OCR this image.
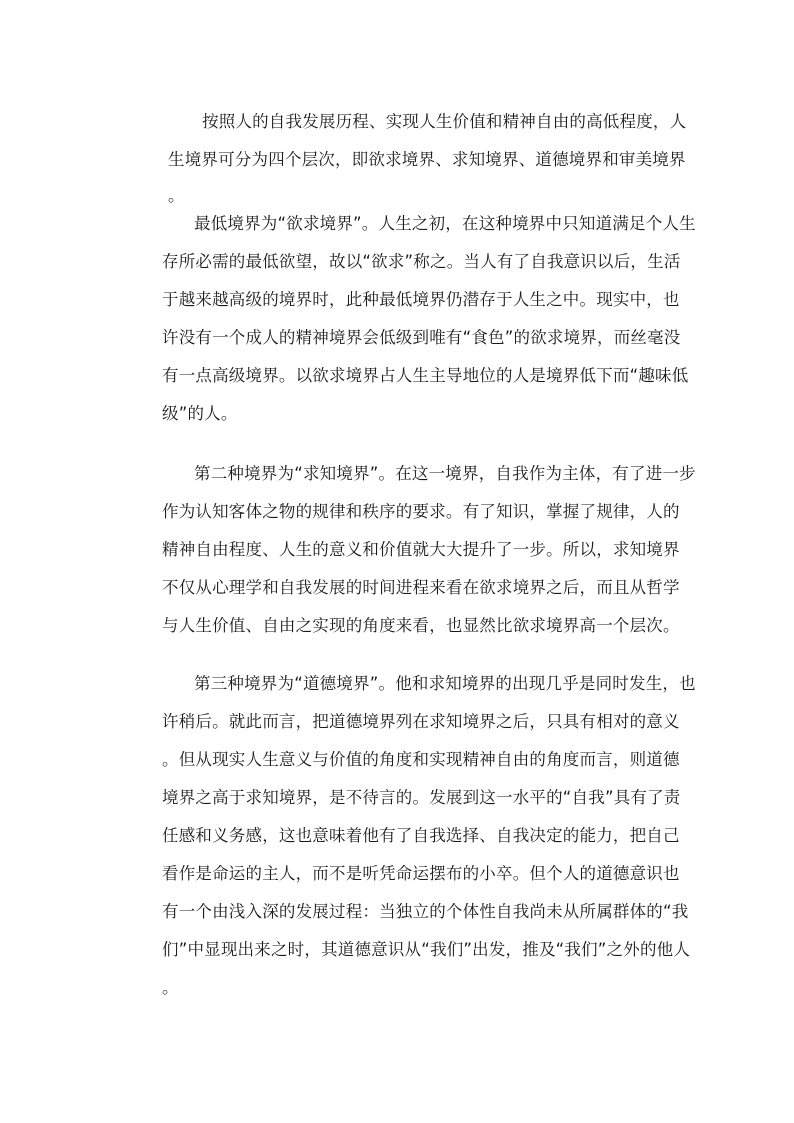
按照人的自我发展历程、实现人生价值和精神自由的高低程度，人
生境界可分为四个层次，即欲求境界、求知境界、道德境界和审美境界
。
最低境界为“欲求境界”。人生之初，在这种境界中只知道满足个人生
存所必需的最低欲望，故以“欲求”称之。当人有了自我意识以后，生活
于越来越高级的境界时，此种最低境界仍潜存于人生之中。现实中，也
许没有一个成人的精神境界会低级到唯有“食色”的欲求境界，而丝毫没
有一点高级境界。以欲求境界占人生主导地位的人是境界低下而“趣味低
级”的人。
第二种境界为“求知境界”。在这一境界，自我作为主体，有了进一步
作为认知客体之物的规律和秩序的要求。有了知识，掌握了规律，人的
精神自由程度、人生的意义和价值就大大提升了一步。所以，求知境界
不仅从心理学和自我发展的时间进程来看在欲求境界之后，而且从哲学
与人生价值、自由之实现的角度来看，也显然比欲求境界高一个层次。
第三种境界为“道德境界”。他和求知境界的出现几乎是同时发生，也
许稍后。就此而言，把道德境界列在求知境界之后，只具有相对的意义
。但从现实人生意义与价值的角度和实现精神自由的角度而言，则道德
境界之高于求知境界，是不待言的。发展到这一水平的“自我”具有了责
任感和义务感，这也意味着他有了自我选择、自我决定的能力，把自己
看作是命运的主人，而不是听凭命运摆布的小卒。但个人的道德意识也
有一个由浅入深的发展过程：当独立的个体性自我尚未从所属群体的“我
们”中显现出来之时，其道德意识从“我们”出发，推及“我们”之外的他人
。
